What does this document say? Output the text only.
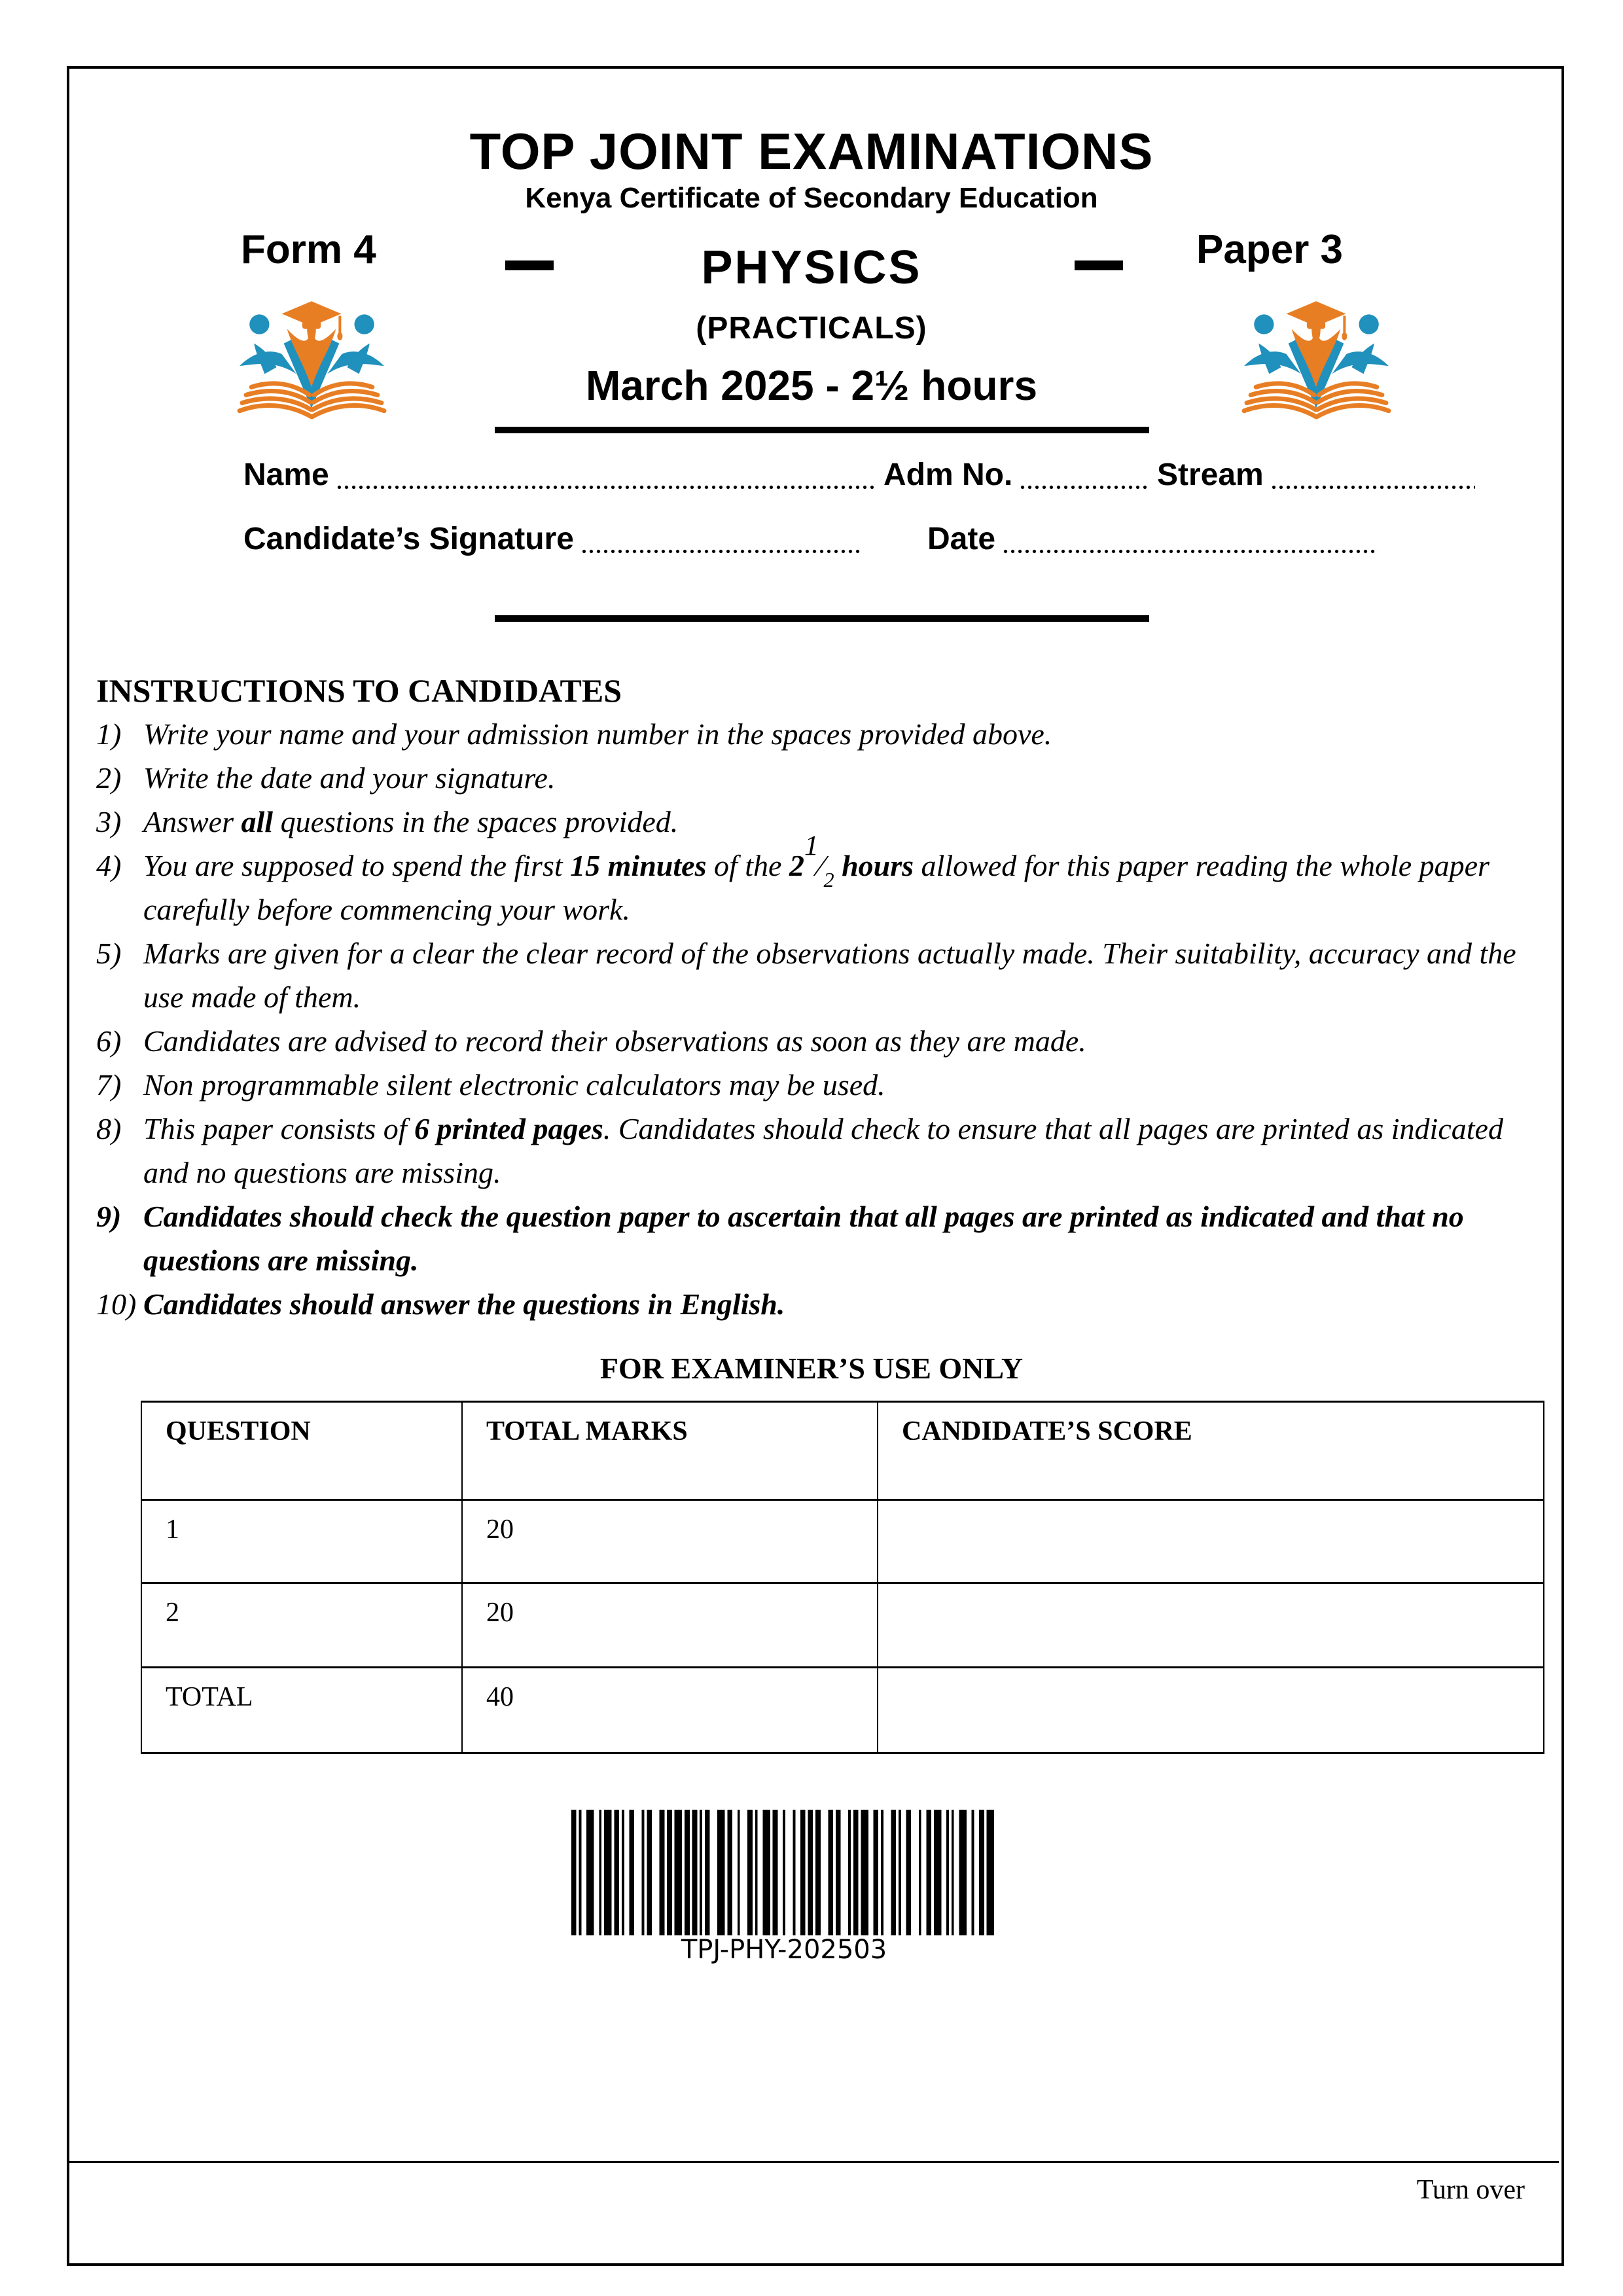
TOP JOINT EXAMINATIONS
Kenya Certificate of Secondary Education
Form 4	PHYSICS	Paper 3
(PRACTICALS)
March 2025 - 2½ hours
Name	Adm No.	Stream
Candidate’s Signature	Date
INSTRUCTIONS TO CANDIDATES
1) Write your name and your admission number in the spaces provided above.
2) Write the date and your signature.
3) Answer all questions in the spaces provided.
4) You are supposed to spend the first 15 minutes of the $2^1⁄_2$ hours allowed for this paper reading the whole paper carefully before commencing your work.
5) Marks are given for a clear the clear record of the observations actually made. Their suitability, accuracy and the use made of them.
6) Candidates are advised to record their observations as soon as they are made.
7) Non programmable silent electronic calculators may be used.
8) This paper consists of 6 printed pages. Candidates should check to ensure that all pages are printed as indicated and no questions are missing.
9) Candidates should check the question paper to ascertain that all pages are printed as indicated and that no questions are missing.
10) Candidates should answer the questions in English.
FOR EXAMINER’S USE ONLY
QUESTION	TOTAL MARKS	CANDIDATE’S SCORE
1	20	
2	20	
TOTAL	40	
TPJ-PHY-202503
Turn over
